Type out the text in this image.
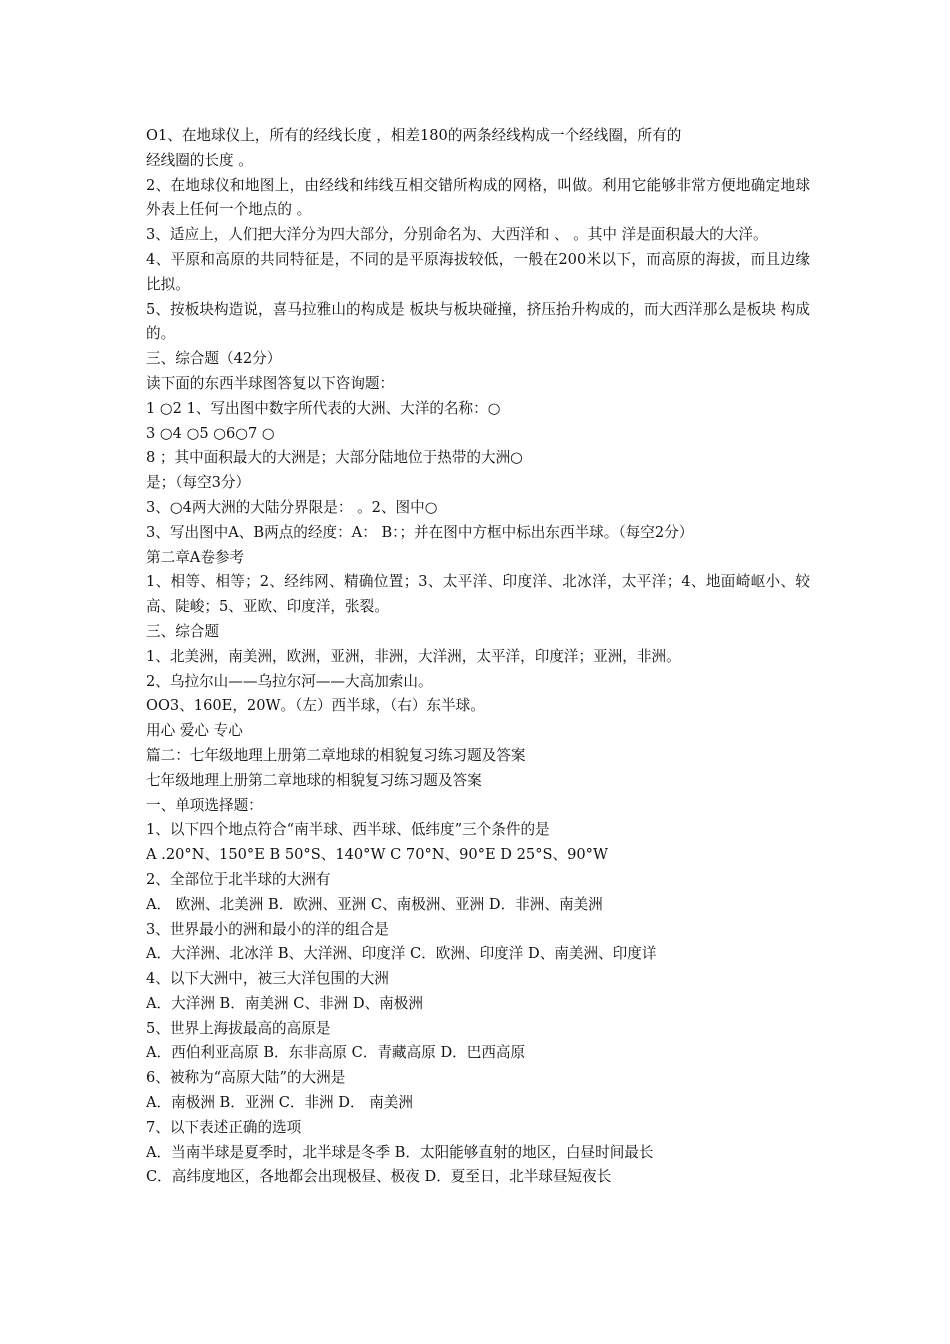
O1、在地球仪上，所有的经线长度 ，相差180的两条经线构成一个经线圈，所有的
经线圈的长度 。
2、在地球仪和地图上，由经线和纬线互相交错所构成的网格，叫做。利用它能够非常方便地确定地球外表上任何一个地点的 。
3、适应上，人们把大洋分为四大部分，分别命名为、大西洋和 、 。其中 洋是面积最大的大洋。
4、平原和高原的共同特征是，不同的是平原海拔较低，一般在200米以下，而高原的海拔，而且边缘比拟。
5、按板块构造说，喜马拉雅山的构成是 板块与板块碰撞，挤压抬升构成的，而大西洋那么是板块 构成的。
三、综合题（42分）
读下面的东西半球图答复以下咨询题：
1 ○2 1、写出图中数字所代表的大洲、大洋的名称：○
3 ○4 ○5 ○6○7 ○
8 ；其中面积最大的大洲是；大部分陆地位于热带的大洲○
是；（每空3分）
3、○4两大洲的大陆分界限是： 。2、图中○
3、写出图中A、B两点的经度：A： B：；并在图中方框中标出东西半球。（每空2分）
第二章A卷参考
1、相等、相等；2、经纬网、精确位置；3、太平洋、印度洋、北冰洋，太平洋；4、地面崎岖小、较高、陡峻；5、亚欧、印度洋，张裂。
三、综合题
1、北美洲，南美洲，欧洲，亚洲，非洲，大洋洲，太平洋，印度洋；亚洲，非洲。
2、乌拉尔山——乌拉尔河——大高加索山。
OO3、160E，20W。（左）西半球，（右）东半球。
用心 爱心 专心
篇二：七年级地理上册第二章地球的相貌复习练习题及答案
七年级地理上册第二章地球的相貌复习练习题及答案
一、单项选择题：
1、以下四个地点符合“南半球、西半球、低纬度”三个条件的是
A .20°N、150°E B 50°S、140°W C 70°N、90°E D 25°S、90°W
2、全部位于北半球的大洲有
A． 欧洲、北美洲 B．欧洲、亚洲 C、南极洲、亚洲 D．非洲、南美洲
3、世界最小的洲和最小的洋的组合是
A．大洋洲、北冰洋 B、大洋洲、印度洋 C．欧洲、印度洋 D、南美洲、印度详
4、以下大洲中，被三大洋包围的大洲
A．大洋洲 B．南美洲 C、非洲 D、南极洲
5、世界上海拔最高的高原是
A．西伯利亚高原 B．东非高原 C．青藏高原 D．巴西高原
6、被称为“高原大陆”的大洲是
A．南极洲 B．亚洲 C．非洲 D． 南美洲
7、以下表述正确的选项
A．当南半球是夏季时，北半球是冬季 B．太阳能够直射的地区，白昼时间最长
C．高纬度地区，各地都会出现极昼、极夜 D．夏至日，北半球昼短夜长
